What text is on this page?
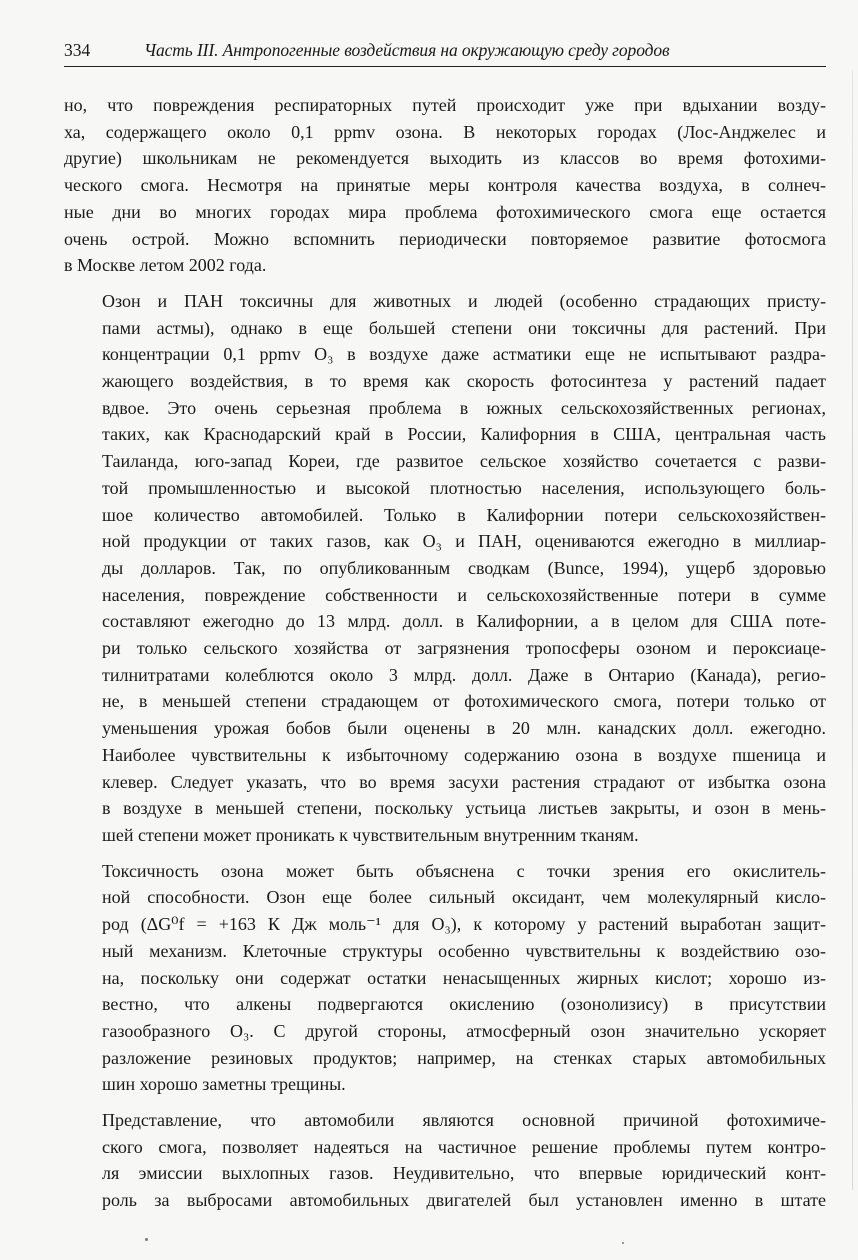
334	Часть III. Антропогенные воздействия на окружающую среду городов

но, что повреждения респираторных путей происходит уже при вдыхании возду-
ха, содержащего около 0,1 ppmv озона. В некоторых городах (Лос-Анджелес и
другие) школьникам не рекомендуется выходить из классов во время фотохими-
ческого смога. Несмотря на принятые меры контроля качества воздуха, в солнеч-
ные дни во многих городах мира проблема фотохимического смога еще остается
очень острой. Можно вспомнить периодически повторяемое развитие фотосмога
в Москве летом 2002 года.

Озон и ПАН токсичны для животных и людей (особенно страдающих присту-
пами астмы), однако в еще большей степени они токсичны для растений. При
концентрации 0,1 ppmv O₃ в воздухе даже астматики еще не испытывают раздра-
жающего воздействия, в то время как скорость фотосинтеза у растений падает
вдвое. Это очень серьезная проблема в южных сельскохозяйственных регионах,
таких, как Краснодарский край в России, Калифорния в США, центральная часть
Таиланда, юго-запад Кореи, где развитое сельское хозяйство сочетается с разви-
той промышленностью и высокой плотностью населения, использующего боль-
шое количество автомобилей. Только в Калифорнии потери сельскохозяйствен-
ной продукции от таких газов, как O₃ и ПАН, оцениваются ежегодно в миллиар-
ды долларов. Так, по опубликованным сводкам (Bunce, 1994), ущерб здоровью
населения, повреждение собственности и сельскохозяйственные потери в сумме
составляют ежегодно до 13 млрд. долл. в Калифорнии, а в целом для США поте-
ри только сельского хозяйства от загрязнения тропосферы озоном и пероксиаце-
тилнитратами колеблются около 3 млрд. долл. Даже в Онтарио (Канада), регио-
не, в меньшей степени страдающем от фотохимического смога, потери только от
уменьшения урожая бобов были оценены в 20 млн. канадских долл. ежегодно.
Наиболее чувствительны к избыточному содержанию озона в воздухе пшеница и
клевер. Следует указать, что во время засухи растения страдают от избытка озона
в воздухе в меньшей степени, поскольку устьица листьев закрыты, и озон в мень-
шей степени может проникать к чувствительным внутренним тканям.

Токсичность озона может быть объяснена с точки зрения его окислитель-
ной способности. Озон еще более сильный оксидант, чем молекулярный кисло-
род (ΔG⁰f = +163 К Дж моль⁻¹ для O₃), к которому у растений выработан защит-
ный механизм. Клеточные структуры особенно чувствительны к воздействию озо-
на, поскольку они содержат остатки ненасыщенных жирных кислот; хорошо из-
вестно, что алкены подвергаются окислению (озонолизису) в присутствии
газообразного O₃. С другой стороны, атмосферный озон значительно ускоряет
разложение резиновых продуктов; например, на стенках старых автомобильных
шин хорошо заметны трещины.

Представление, что автомобили являются основной причиной фотохимиче-
ского смога, позволяет надеяться на частичное решение проблемы путем контро-
ля эмиссии выхлопных газов. Неудивительно, что впервые юридический конт-
роль за выбросами автомобильных двигателей был установлен именно в штате
